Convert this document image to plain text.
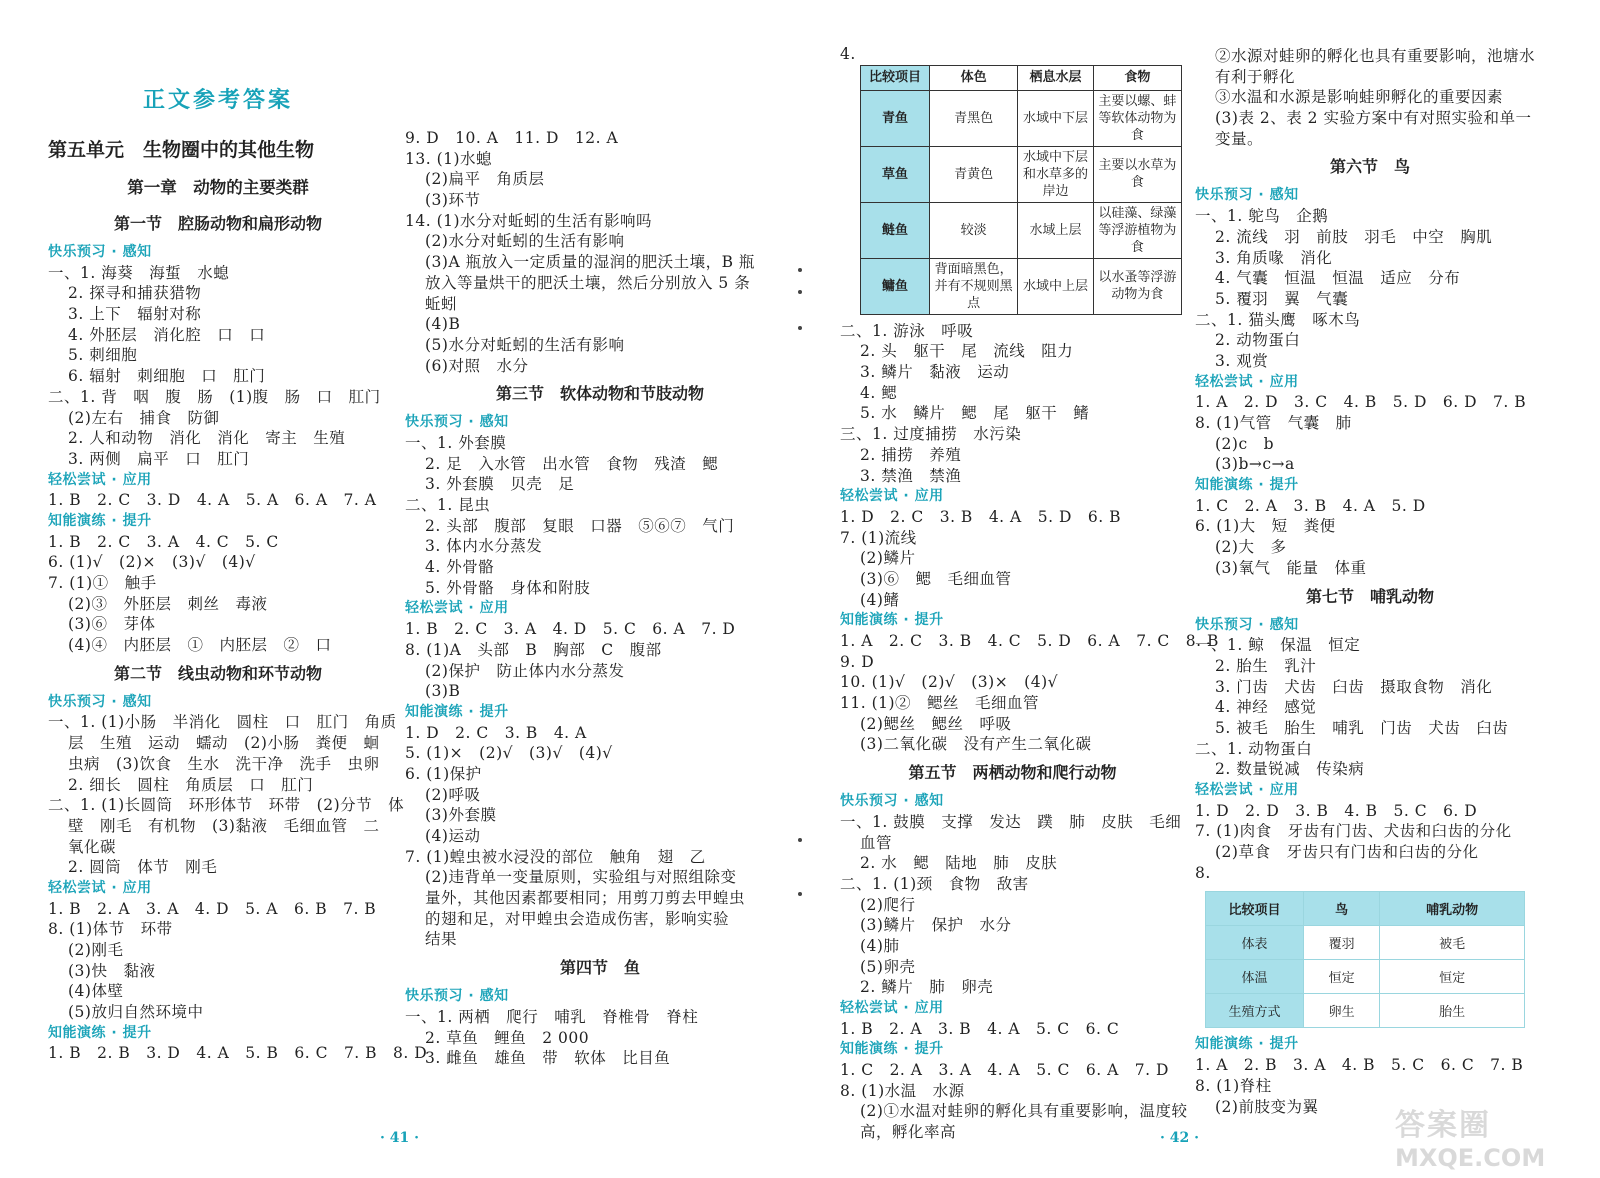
正文参考答案
第五单元　生物圈中的其他生物
第一章　动物的主要类群
第一节　腔肠动物和扁形动物
快乐预习 · 感知
一、1. 海葵　海蜇　水螅
2. 探寻和捕获猎物
3. 上下　辐射对称
4. 外胚层　消化腔　口　口
5. 刺细胞
6. 辐射　刺细胞　口　肛门
二、1. 背　咽　腹　肠　(1)腹　肠　口　肛门
(2)左右　捕食　防御
2. 人和动物　消化　消化　寄主　生殖
3. 两侧　扁平　口　肛门
轻松尝试 · 应用
1. B　2. C　3. D　4. A　5. A　6. A　7. A
知能演练 · 提升
1. B　2. C　3. A　4. C　5. C
6. (1)√　(2)×　(3)√　(4)√
7. (1)①　触手
(2)③　外胚层　刺丝　毒液
(3)⑥　芽体
(4)④　内胚层　①　内胚层　②　口
第二节　线虫动物和环节动物
快乐预习 · 感知
一、1. (1)小肠　半消化　圆柱　口　肛门　角质
层　生殖　运动　蠕动　(2)小肠　粪便　蛔
虫病　(3)饮食　生水　洗干净　洗手　虫卵
2. 细长　圆柱　角质层　口　肛门
二、1. (1)长圆筒　环形体节　环带　(2)分节　体
壁　刚毛　有机物　(3)黏液　毛细血管　二
氧化碳
2. 圆筒　体节　刚毛
轻松尝试 · 应用
1. B　2. A　3. A　4. D　5. A　6. B　7. B
8. (1)体节　环带
(2)刚毛
(3)快　黏液
(4)体壁
(5)放归自然环境中
知能演练 · 提升
1. B　2. B　3. D　4. A　5. B　6. C　7. B　8. D
9. D　10. A　11. D　12. A
13. (1)水螅
(2)扁平　角质层
(3)环节
14. (1)水分对蚯蚓的生活有影响吗
(2)水分对蚯蚓的生活有影响
(3)A 瓶放入一定质量的湿润的肥沃土壤，B 瓶
放入等量烘干的肥沃土壤，然后分别放入 5 条
蚯蚓
(4)B
(5)水分对蚯蚓的生活有影响
(6)对照　水分
第三节　软体动物和节肢动物
快乐预习 · 感知
一、1. 外套膜
2. 足　入水管　出水管　食物　残渣　鳃
3. 外套膜　贝壳　足
二、1. 昆虫
2. 头部　腹部　复眼　口器　⑤⑥⑦　气门
3. 体内水分蒸发
4. 外骨骼
5. 外骨骼　身体和附肢
轻松尝试 · 应用
1. B　2. C　3. A　4. D　5. C　6. A　7. D
8. (1)A　头部　B　胸部　C　腹部
(2)保护　防止体内水分蒸发
(3)B
知能演练 · 提升
1. D　2. C　3. B　4. A
5. (1)×　(2)√　(3)√　(4)√
6. (1)保护
(2)呼吸
(3)外套膜
(4)运动
7. (1)蝗虫被水浸没的部位　触角　翅　乙
(2)违背单一变量原则，实验组与对照组除变
量外，其他因素都要相同；用剪刀剪去甲蝗虫
的翅和足，对甲蝗虫会造成伤害，影响实验
结果
第四节　鱼
快乐预习 · 感知
一、1. 两栖　爬行　哺乳　脊椎骨　脊柱
2. 草鱼　鲤鱼　2 000
3. 雌鱼　雄鱼　带　软体　比目鱼
4.
比较项目	体色	栖息水层	食物
青鱼	青黑色	水域中下层	主要以螺、蚌等软体动物为食
草鱼	青黄色	水域中下层和水草多的岸边	主要以水草为食
鲢鱼	较淡	水域上层	以硅藻、绿藻等浮游植物为食
鳙鱼	背面暗黑色，并有不规则黑点	水域中上层	以水蚤等浮游动物为食
二、1. 游泳　呼吸
2. 头　躯干　尾　流线　阻力
3. 鳞片　黏液　运动
4. 鳃
5. 水　鳞片　鳃　尾　躯干　鳍
三、1. 过度捕捞　水污染
2. 捕捞　养殖
3. 禁渔　禁渔
轻松尝试 · 应用
1. D　2. C　3. B　4. A　5. D　6. B
7. (1)流线
(2)鳞片
(3)⑥　鳃　毛细血管
(4)鳍
知能演练 · 提升
1. A　2. C　3. B　4. C　5. D　6. A　7. C　8. B
9. D
10. (1)√　(2)√　(3)×　(4)√
11. (1)②　鳃丝　毛细血管
(2)鳃丝　鳃丝　呼吸
(3)二氧化碳　没有产生二氧化碳
第五节　两栖动物和爬行动物
快乐预习 · 感知
一、1. 鼓膜　支撑　发达　蹼　肺　皮肤　毛细
血管
2. 水　鳃　陆地　肺　皮肤
二、1. (1)颈　食物　敌害
(2)爬行
(3)鳞片　保护　水分
(4)肺
(5)卵壳
2. 鳞片　肺　卵壳
轻松尝试 · 应用
1. B　2. A　3. B　4. A　5. C　6. C
知能演练 · 提升
1. C　2. A　3. A　4. A　5. C　6. A　7. D
8. (1)水温　水源
(2)①水温对蛙卵的孵化具有重要影响，温度较
高，孵化率高
②水源对蛙卵的孵化也具有重要影响，池塘水
有利于孵化
③水温和水源是影响蛙卵孵化的重要因素
(3)表 2、表 2 实验方案中有对照实验和单一
变量。
第六节　鸟
快乐预习 · 感知
一、1. 鸵鸟　企鹅
2. 流线　羽　前肢　羽毛　中空　胸肌
3. 角质喙　消化
4. 气囊　恒温　恒温　适应　分布
5. 覆羽　翼　气囊
二、1. 猫头鹰　啄木鸟
2. 动物蛋白
3. 观赏
轻松尝试 · 应用
1. A　2. D　3. C　4. B　5. D　6. D　7. B
8. (1)气管　气囊　肺
(2)c　b
(3)b→c→a
知能演练 · 提升
1. C　2. A　3. B　4. A　5. D
6. (1)大　短　粪便
(2)大　多
(3)氧气　能量　体重
第七节　哺乳动物
快乐预习 · 感知
一、1. 鲸　保温　恒定
2. 胎生　乳汁
3. 门齿　犬齿　臼齿　摄取食物　消化
4. 神经　感觉
5. 被毛　胎生　哺乳　门齿　犬齿　臼齿
二、1. 动物蛋白
2. 数量锐减　传染病
轻松尝试 · 应用
1. D　2. D　3. B　4. B　5. C　6. D
7. (1)肉食　牙齿有门齿、犬齿和臼齿的分化
(2)草食　牙齿只有门齿和臼齿的分化
8.
比较项目	鸟	哺乳动物
体表	覆羽	被毛
体温	恒定	恒定
生殖方式	卵生	胎生
知能演练 · 提升
1. A　2. B　3. A　4. B　5. C　6. C　7. B
8. (1)脊柱
(2)前肢变为翼
· 41 ·	· 42 ·	答案圈
MXQE.COM
